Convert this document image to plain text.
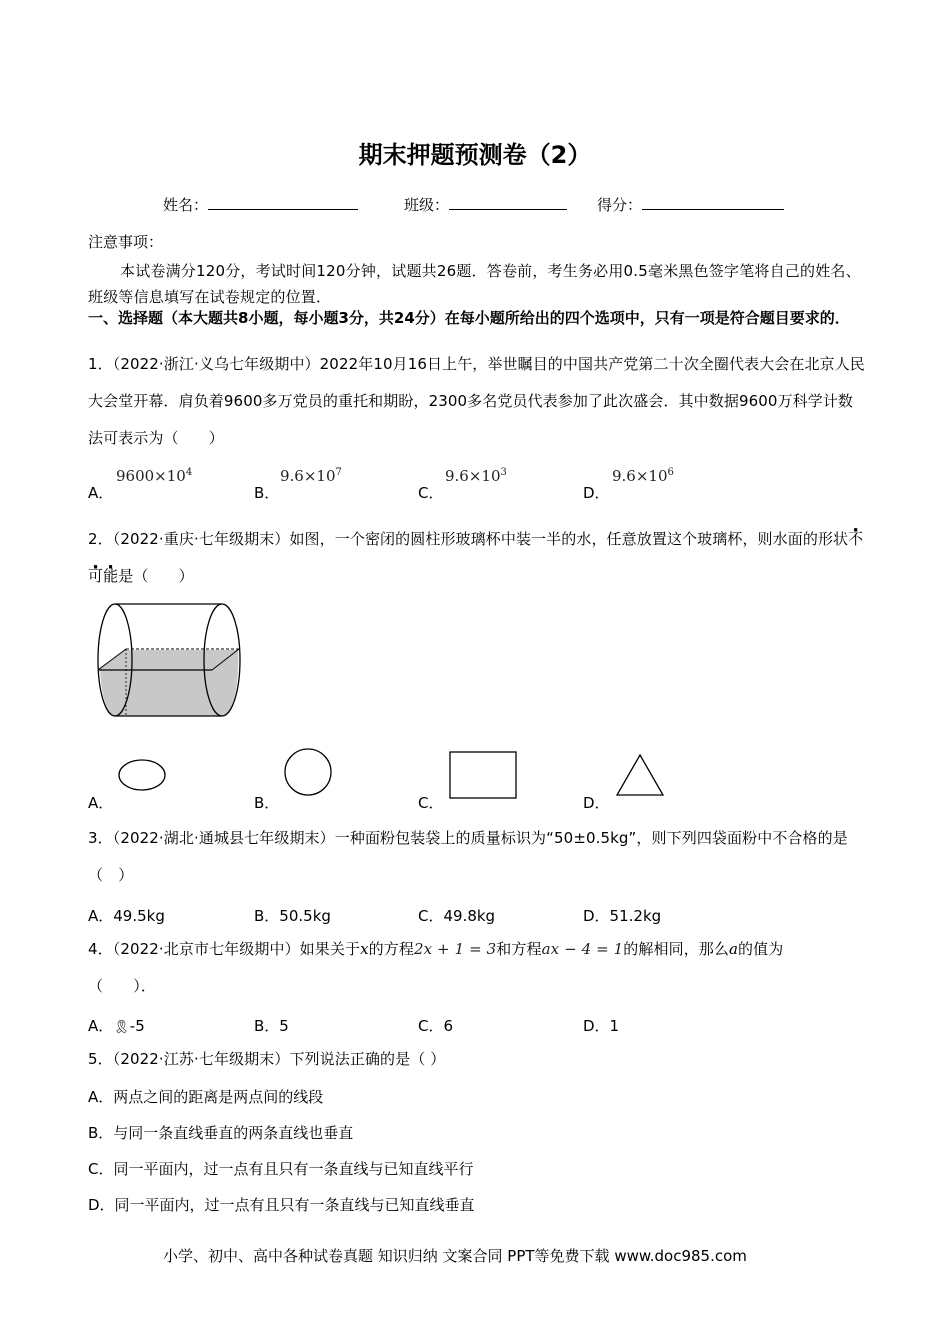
期末押题预测卷（2）
姓名：	班级：	得分：
注意事项：
本试卷满分120分，考试时间120分钟，试题共26题．答卷前，考生务必用0.5毫米黑色签字笔将自己的姓名、班级等信息填写在试卷规定的位置．
一、选择题（本大题共8小题，每小题3分，共24分）在每小题所给出的四个选项中，只有一项是符合题目要求的．
1．（2022·浙江·义乌七年级期中）2022年10月16日上午，举世瞩目的中国共产党第二十次全圈代表大会在北京人民大会堂开幕．肩负着9600多万党员的重托和期盼，2300多名党员代表参加了此次盛会．其中数据9600万科学计数法可表示为（　　）
A．
$9600\times 10^4$
B．
$9.6\times 10^7$
C．
$9.6\times 10^3$
D．
$9.6\times 10^6$
2．（2022·重庆·七年级期末）如图，一个密闭的圆柱形玻璃杯中装一半的水，任意放置这个玻璃杯，则水面的形状不可能是（　　）
A．	B．	C．	D．
3．（2022·湖北·通城县七年级期末）一种面粉包装袋上的质量标识为“50±0.5kg”，则下列四袋面粉中不合格的是（　）
A．49.5kg	B．50.5kg	C．49.8kg	D．51.2kg
4．（2022·北京市七年级期中）如果关于x的方程2x + 1 = 3和方程ax − 4 = 1的解相同，那么a的值为
（　　）．
A．🎗-5	B．5	C．6	D．1
5．（2022·江苏·七年级期末）下列说法正确的是（ ）
A．两点之间的距离是两点间的线段
B．与同一条直线垂直的两条直线也垂直
C．同一平面内，过一点有且只有一条直线与已知直线平行
D．同一平面内，过一点有且只有一条直线与已知直线垂直
小学、初中、高中各种试卷真题 知识归纳 文案合同 PPT等免费下载 www.doc985.com
